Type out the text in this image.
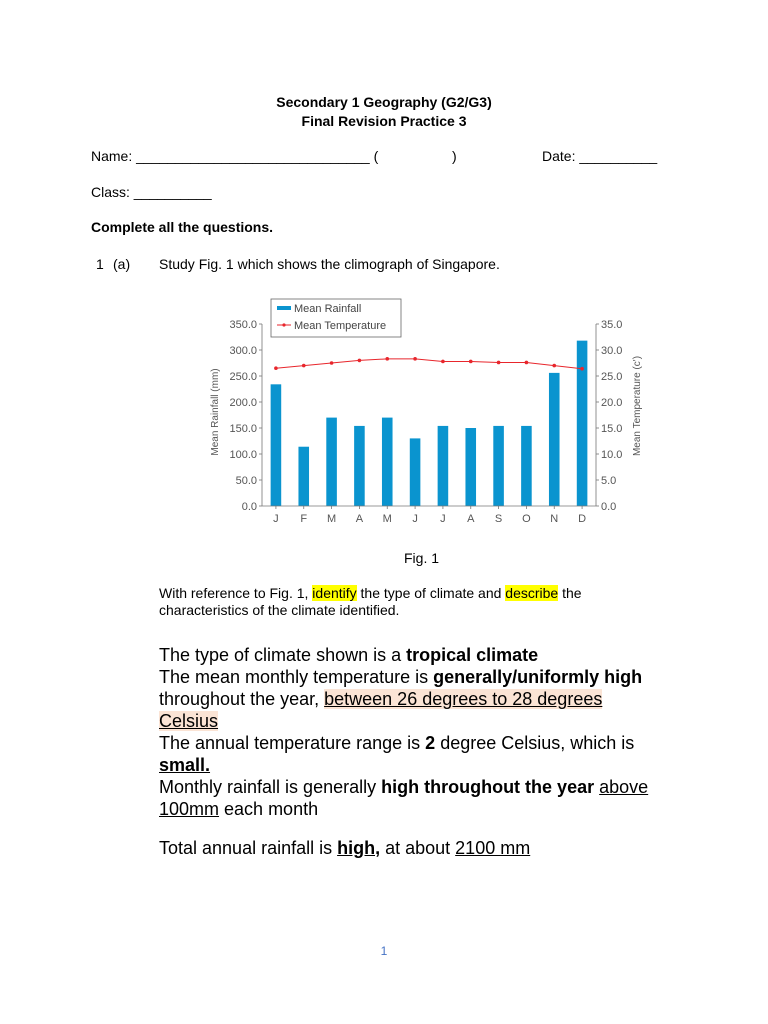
Secondary 1 Geography (G2/G3)
Final Revision Practice 3
Name: ______________________________ (	)	Date: __________
Class: __________
Complete all the questions.
1 (a) Study Fig. 1 which shows the climograph of Singapore.
0.0
50.0
100.0
150.0
200.0
250.0
300.0
350.0
0.0
5.0
10.0
15.0
20.0
25.0
30.0
35.0
J F M A M J J A S O N D
Mean Rainfall (mm)	Mean Temperature (c')
Mean Rainfall
Mean Temperature
Fig. 1
With reference to Fig. 1, identify the type of climate and describe the
characteristics of the climate identified.
The type of climate shown is a tropical climate
The mean monthly temperature is generally/uniformly high
throughout the year, between 26 degrees to 28 degrees
Celsius
The annual temperature range is 2 degree Celsius, which is
small.
Monthly rainfall is generally high throughout the year above
100mm each month
Total annual rainfall is high, at about 2100 mm
1
